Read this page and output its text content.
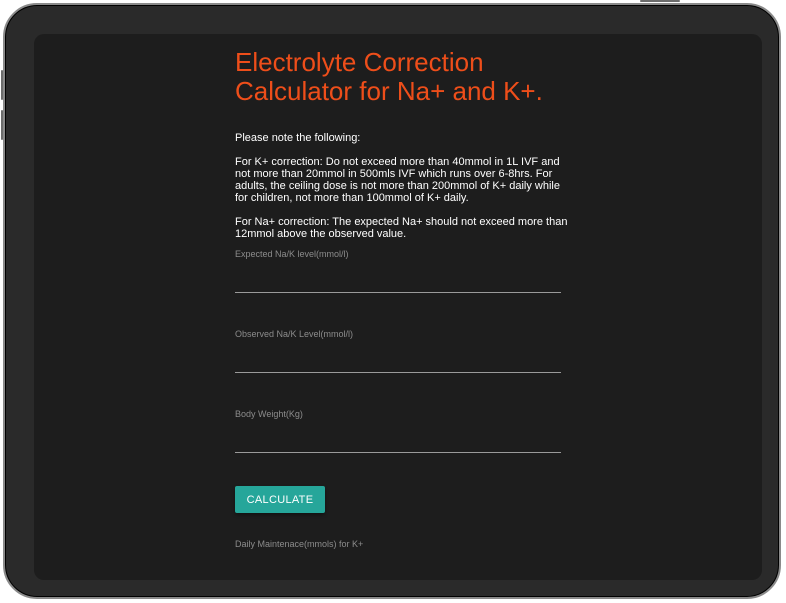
Electrolyte Correction Calculator for Na+ and K+.

Please note the following:

For K+ correction: Do not exceed more than 40mmol in 1L IVF and not more than 20mmol in 500mls IVF which runs over 6-8hrs. For adults, the ceiling dose is not more than 200mmol of K+ daily while for children, not more than 100mmol of K+ daily.

For Na+ correction: The expected Na+ should not exceed more than 12mmol above the observed value.

Expected Na/K level(mmol/l)
Observed Na/K Level(mmol/l)
Body Weight(Kg)
CALCULATE
Daily Maintenace(mmols) for K+
